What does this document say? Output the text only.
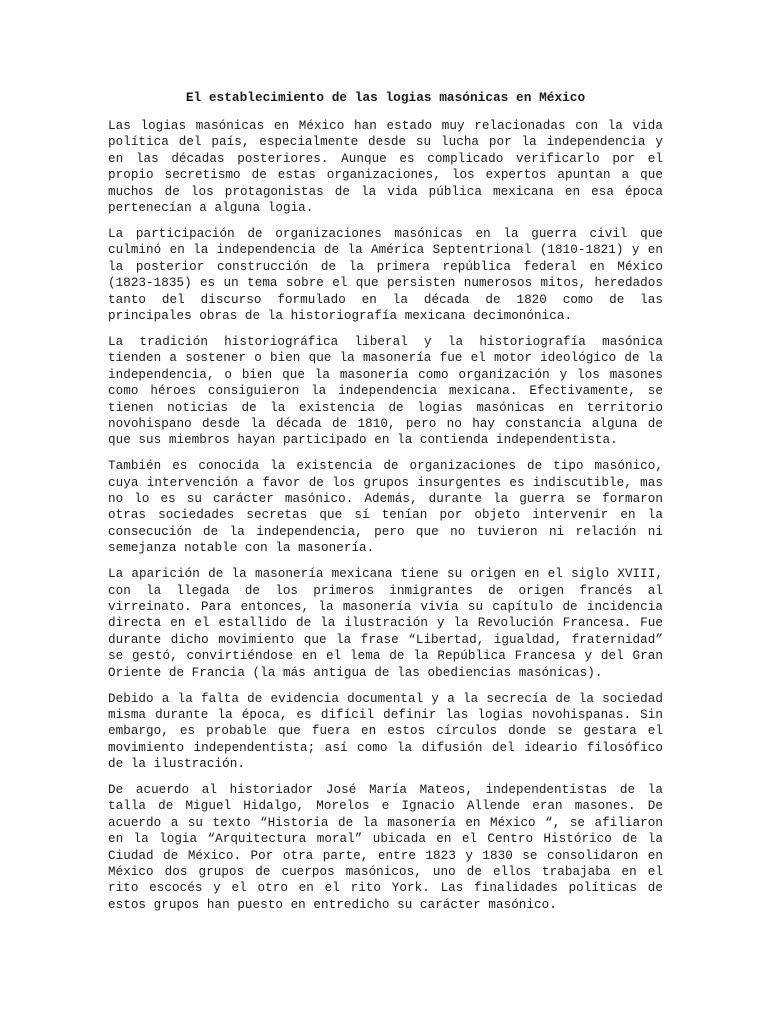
El establecimiento de las logias masónicas en México

Las logias masónicas en México han estado muy relacionadas con la vida política del país, especialmente desde su lucha por la independencia y en las décadas posteriores. Aunque es complicado verificarlo por el propio secretismo de estas organizaciones, los expertos apuntan a que muchos de los protagonistas de la vida pública mexicana en esa época pertenecían a alguna logia.

La participación de organizaciones masónicas en la guerra civil que culminó en la independencia de la América Septentrional (1810-1821) y en la posterior construcción de la primera república federal en México (1823-1835) es un tema sobre el que persisten numerosos mitos, heredados tanto del discurso formulado en la década de 1820 como de las principales obras de la historiografía mexicana decimonónica.

La tradición historiográfica liberal y la historiografía masónica tienden a sostener o bien que la masonería fue el motor ideológico de la independencia, o bien que la masonería como organización y los masones como héroes consiguieron la independencia mexicana. Efectivamente, se tienen noticias de la existencia de logias masónicas en territorio novohispano desde la década de 1810, pero no hay constancia alguna de que sus miembros hayan participado en la contienda independentista.

También es conocida la existencia de organizaciones de tipo masónico, cuya intervención a favor de los grupos insurgentes es indiscutible, mas no lo es su carácter masónico. Además, durante la guerra se formaron otras sociedades secretas que sí tenían por objeto intervenir en la consecución de la independencia, pero que no tuvieron ni relación ni semejanza notable con la masonería.

La aparición de la masonería mexicana tiene su origen en el siglo XVIII, con la llegada de los primeros inmigrantes de origen francés al virreinato. Para entonces, la masonería vivía su capítulo de incidencia directa en el estallido de la ilustración y la Revolución Francesa. Fue durante dicho movimiento que la frase “Libertad, igualdad, fraternidad” se gestó, convirtiéndose en el lema de la República Francesa y del Gran Oriente de Francia (la más antigua de las obediencias masónicas).

Debido a la falta de evidencia documental y a la secrecía de la sociedad misma durante la época, es difícil definir las logias novohispanas. Sin embargo, es probable que fuera en estos círculos donde se gestara el movimiento independentista; así como la difusión del ideario filosófico de la ilustración.

De acuerdo al historiador José María Mateos, independentistas de la talla de Miguel Hidalgo, Morelos e Ignacio Allende eran masones. De acuerdo a su texto “Historia de la masonería en México “, se afiliaron en la logia “Arquitectura moral” ubicada en el Centro Histórico de la Ciudad de México. Por otra parte, entre 1823 y 1830 se consolidaron en México dos grupos de cuerpos masónicos, uno de ellos trabajaba en el rito escocés y el otro en el rito York. Las finalidades políticas de estos grupos han puesto en entredicho su carácter masónico.
